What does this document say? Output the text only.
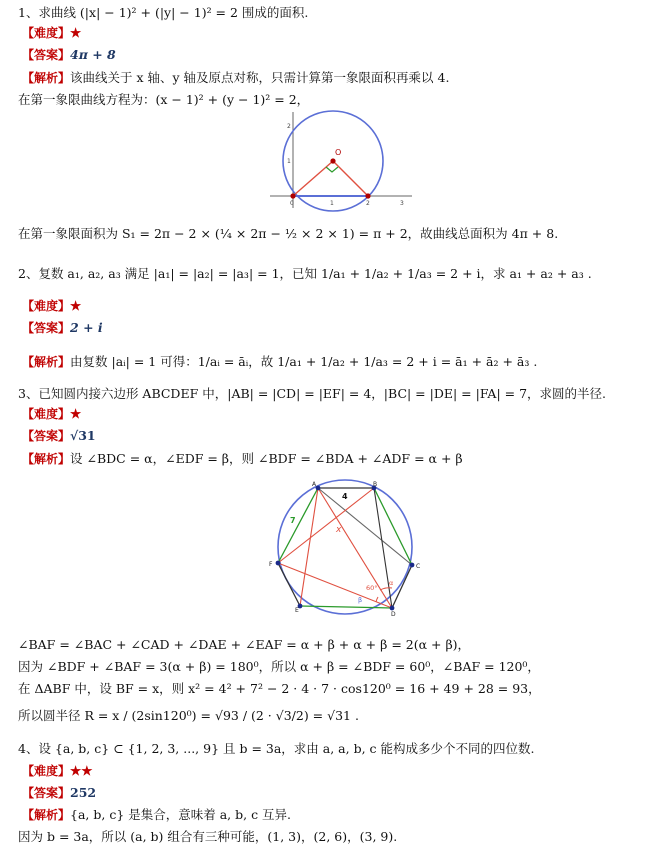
1、求曲线 (|x| − 1)² + (|y| − 1)² = 2 围成的面积.
【难度】★
【答案】4π + 8
【解析】该曲线关于 x 轴、y 轴及原点对称，只需计算第一象限面积再乘以 4.
在第一象限曲线方程为：(x − 1)² + (y − 1)² = 2，
O
0	1	2	3
1
2
在第一象限面积为 S₁ = 2π − 2 × (¼ × 2π − ½ × 2 × 1) = π + 2，故曲线总面积为 4π + 8.
2、复数 a₁, a₂, a₃ 满足 |a₁| = |a₂| = |a₃| = 1，已知 1/a₁ + 1/a₂ + 1/a₃ = 2 + i，求 a₁ + a₂ + a₃ .
【难度】★
【答案】2 + i
【解析】由复数 |aᵢ| = 1 可得：1/aᵢ = āᵢ，故 1/a₁ + 1/a₂ + 1/a₃ = 2 + i = ā₁ + ā₂ + ā₃ .
3、已知圆内接六边形 ABCDEF 中，|AB| = |CD| = |EF| = 4，|BC| = |DE| = |FA| = 7，求圆的半径.
【难度】★
【答案】√31
【解析】设 ∠BDC = α，∠EDF = β，则 ∠BDF = ∠BDA + ∠ADF = α + β
A	B
C
D
E
F
4
7
x
60°
α
β
∠BAF = ∠BAC + ∠CAD + ∠DAE + ∠EAF = α + β + α + β = 2(α + β)，
因为 ∠BDF + ∠BAF = 3(α + β) = 180⁰，所以 α + β = ∠BDF = 60⁰，∠BAF = 120⁰，
在 ΔABF 中，设 BF = x，则 x² = 4² + 7² − 2 · 4 · 7 · cos120⁰ = 16 + 49 + 28 = 93，
所以圆半径 R = x / (2sin120⁰) = √93 / (2 · √3/2) = √31 .
4、设 {a, b, c} ⊂ {1, 2, 3, ..., 9} 且 b = 3a，求由 a, a, b, c 能构成多少个不同的四位数.
【难度】★★
【答案】252
【解析】{a, b, c} 是集合，意味着 a, b, c 互异.
因为 b = 3a，所以 (a, b) 组合有三种可能，(1, 3)，(2, 6)，(3, 9).
